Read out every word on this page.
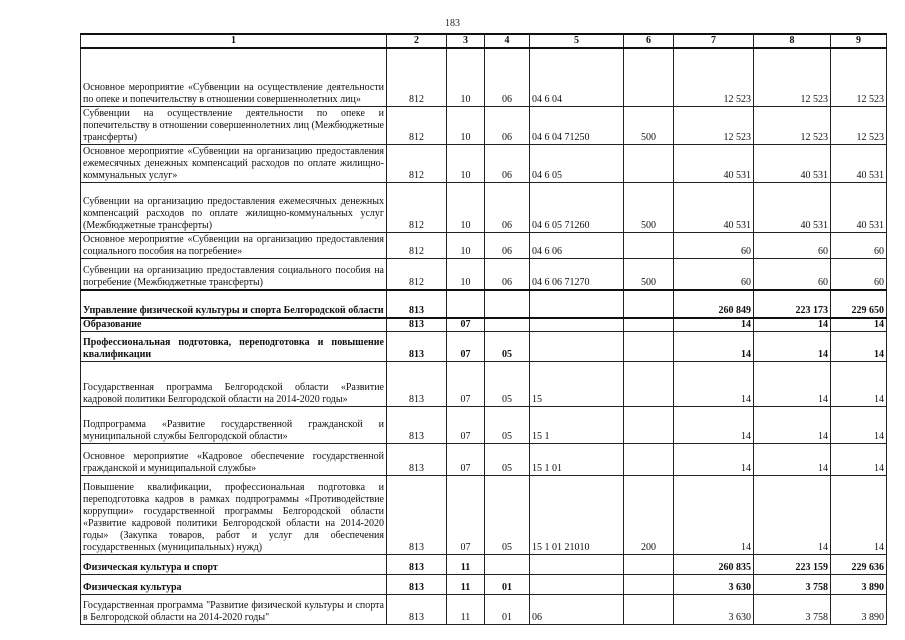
183
1	2	3	4	5	6	7	8	9
Основное мероприятие «Субвенции на осуществление деятельности по опеке и попечительству в отношении совершеннолетних лиц»	812	10	06	04 6 04		12 523	12 523	12 523
Субвенции на осуществление деятельности по опеке и попечительству в отношении совершеннолетних лиц (Межбюджетные трансферты)	812	10	06	04 6 04 71250	500	12 523	12 523	12 523
Основное мероприятие «Субвенции на организацию предоставления ежемесячных денежных компенсаций расходов по оплате жилищно-коммунальных услуг»	812	10	06	04 6 05		40 531	40 531	40 531
Субвенции на организацию предоставления ежемесячных денежных компенсаций расходов по оплате жилищно-коммунальных услуг (Межбюджетные трансферты)	812	10	06	04 6 05 71260	500	40 531	40 531	40 531
Основное мероприятие «Субвенции на организацию предоставления социального пособия на погребение»	812	10	06	04 6 06		60	60	60
Субвенции на организацию предоставления социального пособия на погребение (Межбюджетные трансферты)	812	10	06	04 6 06 71270	500	60	60	60
Управление физической культуры и спорта Белгородской области	813					260 849	223 173	229 650
Образование	813	07				14	14	14
Профессиональная подготовка, переподготовка и повышение квалификации	813	07	05			14	14	14
Государственная программа Белгородской области «Развитие кадровой политики Белгородской области на 2014-2020 годы»	813	07	05	15		14	14	14
Подпрограмма «Развитие государственной гражданской и муниципальной службы Белгородской области»	813	07	05	15 1		14	14	14
Основное мероприятие «Кадровое обеспечение государственной гражданской и муниципальной службы»	813	07	05	15 1 01		14	14	14
Повышение квалификации, профессиональная подготовка и переподготовка кадров в рамках подпрограммы «Противодействие коррупции» государственной программы Белгородской области «Развитие кадровой политики Белгородской области на 2014-2020 годы» (Закупка товаров, работ и услуг для обеспечения государственных (муниципальных) нужд)	813	07	05	15 1 01 21010	200	14	14	14
Физическая культура и спорт	813	11				260 835	223 159	229 636
Физическая культура	813	11	01			3 630	3 758	3 890
Государственная программа "Развитие физической культуры и спорта в Белгородской области на 2014-2020 годы"	813	11	01	06		3 630	3 758	3 890
